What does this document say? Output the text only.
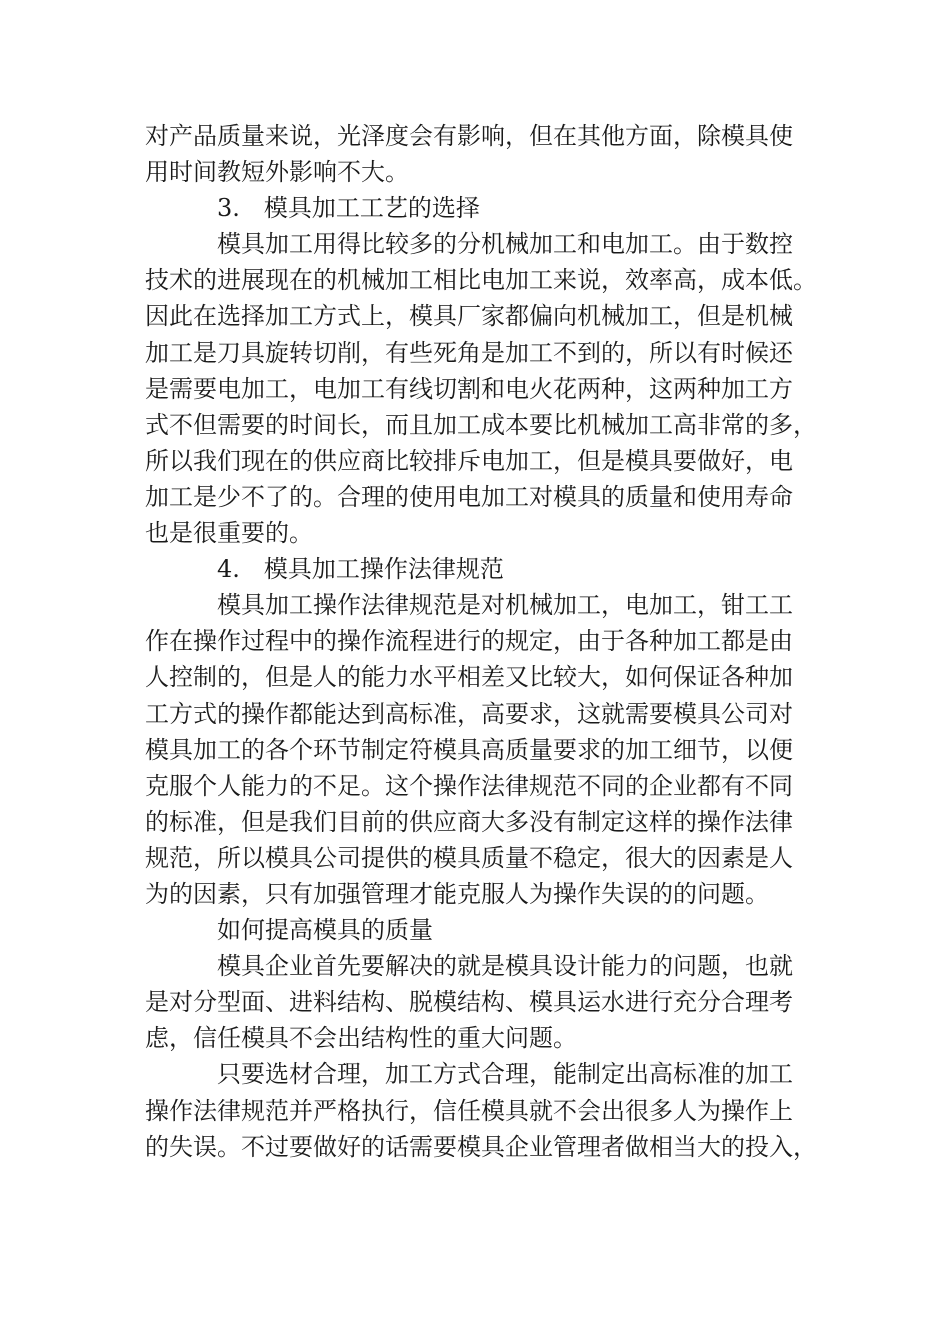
对产品质量来说，光泽度会有影响，但在其他方面，除模具使
用时间教短外影响不大。
3.　模具加工工艺的选择
模具加工用得比较多的分机械加工和电加工。由于数控
技术的进展现在的机械加工相比电加工来说，效率高，成本低。
因此在选择加工方式上，模具厂家都偏向机械加工，但是机械
加工是刀具旋转切削，有些死角是加工不到的，所以有时候还
是需要电加工，电加工有线切割和电火花两种，这两种加工方
式不但需要的时间长，而且加工成本要比机械加工高非常的多，
所以我们现在的供应商比较排斥电加工，但是模具要做好，电
加工是少不了的。合理的使用电加工对模具的质量和使用寿命
也是很重要的。
4.　模具加工操作法律规范
模具加工操作法律规范是对机械加工，电加工，钳工工
作在操作过程中的操作流程进行的规定，由于各种加工都是由
人控制的，但是人的能力水平相差又比较大，如何保证各种加
工方式的操作都能达到高标准，高要求，这就需要模具公司对
模具加工的各个环节制定符模具高质量要求的加工细节，以便
克服个人能力的不足。这个操作法律规范不同的企业都有不同
的标准，但是我们目前的供应商大多没有制定这样的操作法律
规范，所以模具公司提供的模具质量不稳定，很大的因素是人
为的因素，只有加强管理才能克服人为操作失误的的问题。
如何提高模具的质量
模具企业首先要解决的就是模具设计能力的问题，也就
是对分型面、进料结构、脱模结构、模具运水进行充分合理考
虑，信任模具不会出结构性的重大问题。
只要选材合理，加工方式合理，能制定出高标准的加工
操作法律规范并严格执行，信任模具就不会出很多人为操作上
的失误。不过要做好的话需要模具企业管理者做相当大的投入，
